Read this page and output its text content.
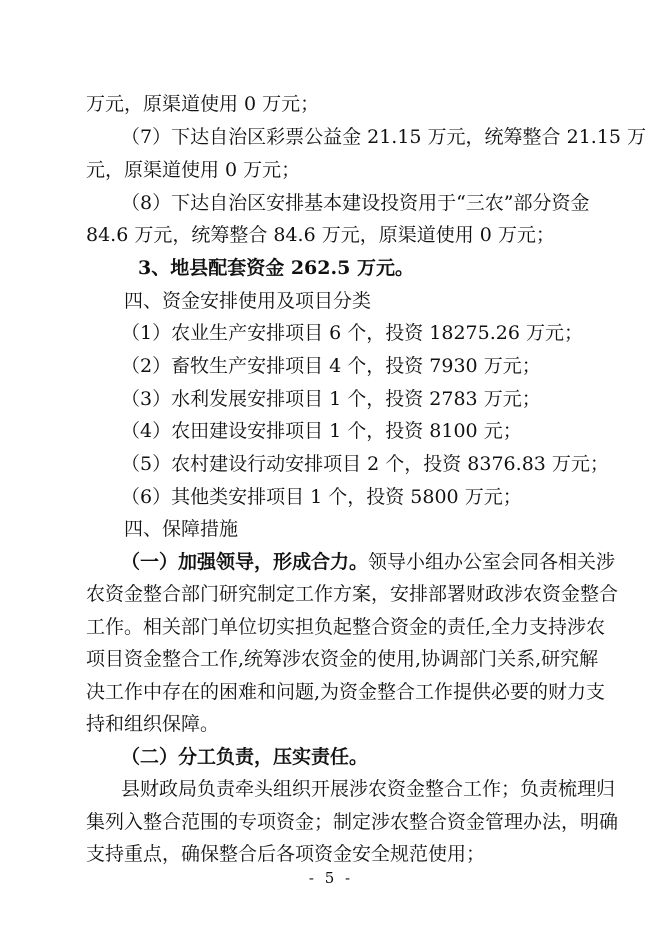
万元，原渠道使用 0 万元；
（7）下达自治区彩票公益金 21.15 万元，统筹整合 21.15 万
元，原渠道使用 0 万元；
（8）下达自治区安排基本建设投资用于“三农”部分资金
84.6 万元，统筹整合 84.6 万元，原渠道使用 0 万元；
3、地县配套资金 262.5 万元。
四、资金安排使用及项目分类
（1）农业生产安排项目 6 个，投资 18275.26 万元；
（2）畜牧生产安排项目 4 个，投资 7930 万元；
（3）水利发展安排项目 1 个，投资 2783 万元；
（4）农田建设安排项目 1 个，投资 8100 元；
（5）农村建设行动安排项目 2 个，投资 8376.83 万元；
（6）其他类安排项目 1 个，投资 5800 万元；
四、保障措施
（一）加强领导，形成合力。领导小组办公室会同各相关涉
农资金整合部门研究制定工作方案，安排部署财政涉农资金整合
工作。相关部门单位切实担负起整合资金的责任,全力支持涉农
项目资金整合工作,统筹涉农资金的使用,协调部门关系,研究解
决工作中存在的困难和问题,为资金整合工作提供必要的财力支
持和组织保障。
（二）分工负责，压实责任。
县财政局负责牵头组织开展涉农资金整合工作；负责梳理归
集列入整合范围的专项资金；制定涉农整合资金管理办法，明确
支持重点，确保整合后各项资金安全规范使用；
- 5 -
